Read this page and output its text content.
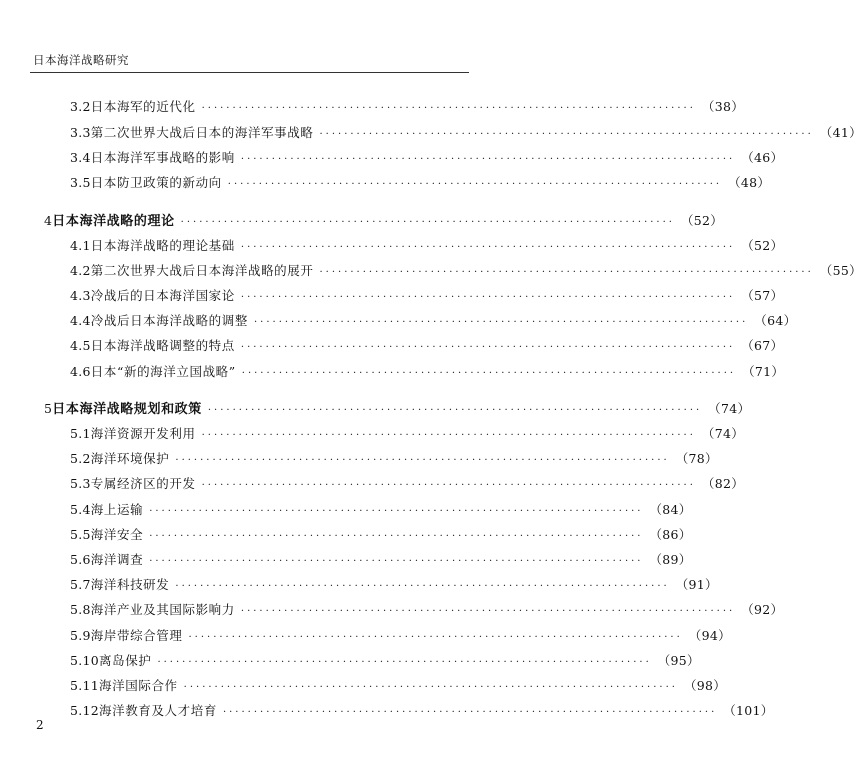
日本海洋战略研究
3.2 日本海军的近代化 ················································································ （38）
3.3 第二次世界大战后日本的海洋军事战略 ················································································ （41）
3.4 日本海洋军事战略的影响 ················································································ （46）
3.5 日本防卫政策的新动向 ················································································ （48）
4 日本海洋战略的理论 ················································································ （52）
4.1 日本海洋战略的理论基础 ················································································ （52）
4.2 第二次世界大战后日本海洋战略的展开 ················································································ （55）
4.3 冷战后的日本海洋国家论 ················································································ （57）
4.4 冷战后日本海洋战略的调整 ················································································ （64）
4.5 日本海洋战略调整的特点 ················································································ （67）
4.6 日本“新的海洋立国战略” ················································································ （71）
5 日本海洋战略规划和政策 ················································································ （74）
5.1 海洋资源开发利用 ················································································ （74）
5.2 海洋环境保护 ················································································ （78）
5.3 专属经济区的开发 ················································································ （82）
5.4 海上运输 ················································································ （84）
5.5 海洋安全 ················································································ （86）
5.6 海洋调查 ················································································ （89）
5.7 海洋科技研发 ················································································ （91）
5.8 海洋产业及其国际影响力 ················································································ （92）
5.9 海岸带综合管理 ················································································ （94）
5.10 离岛保护 ················································································ （95）
5.11 海洋国际合作 ················································································ （98）
5.12 海洋教育及人才培育 ················································································ （101）
2
